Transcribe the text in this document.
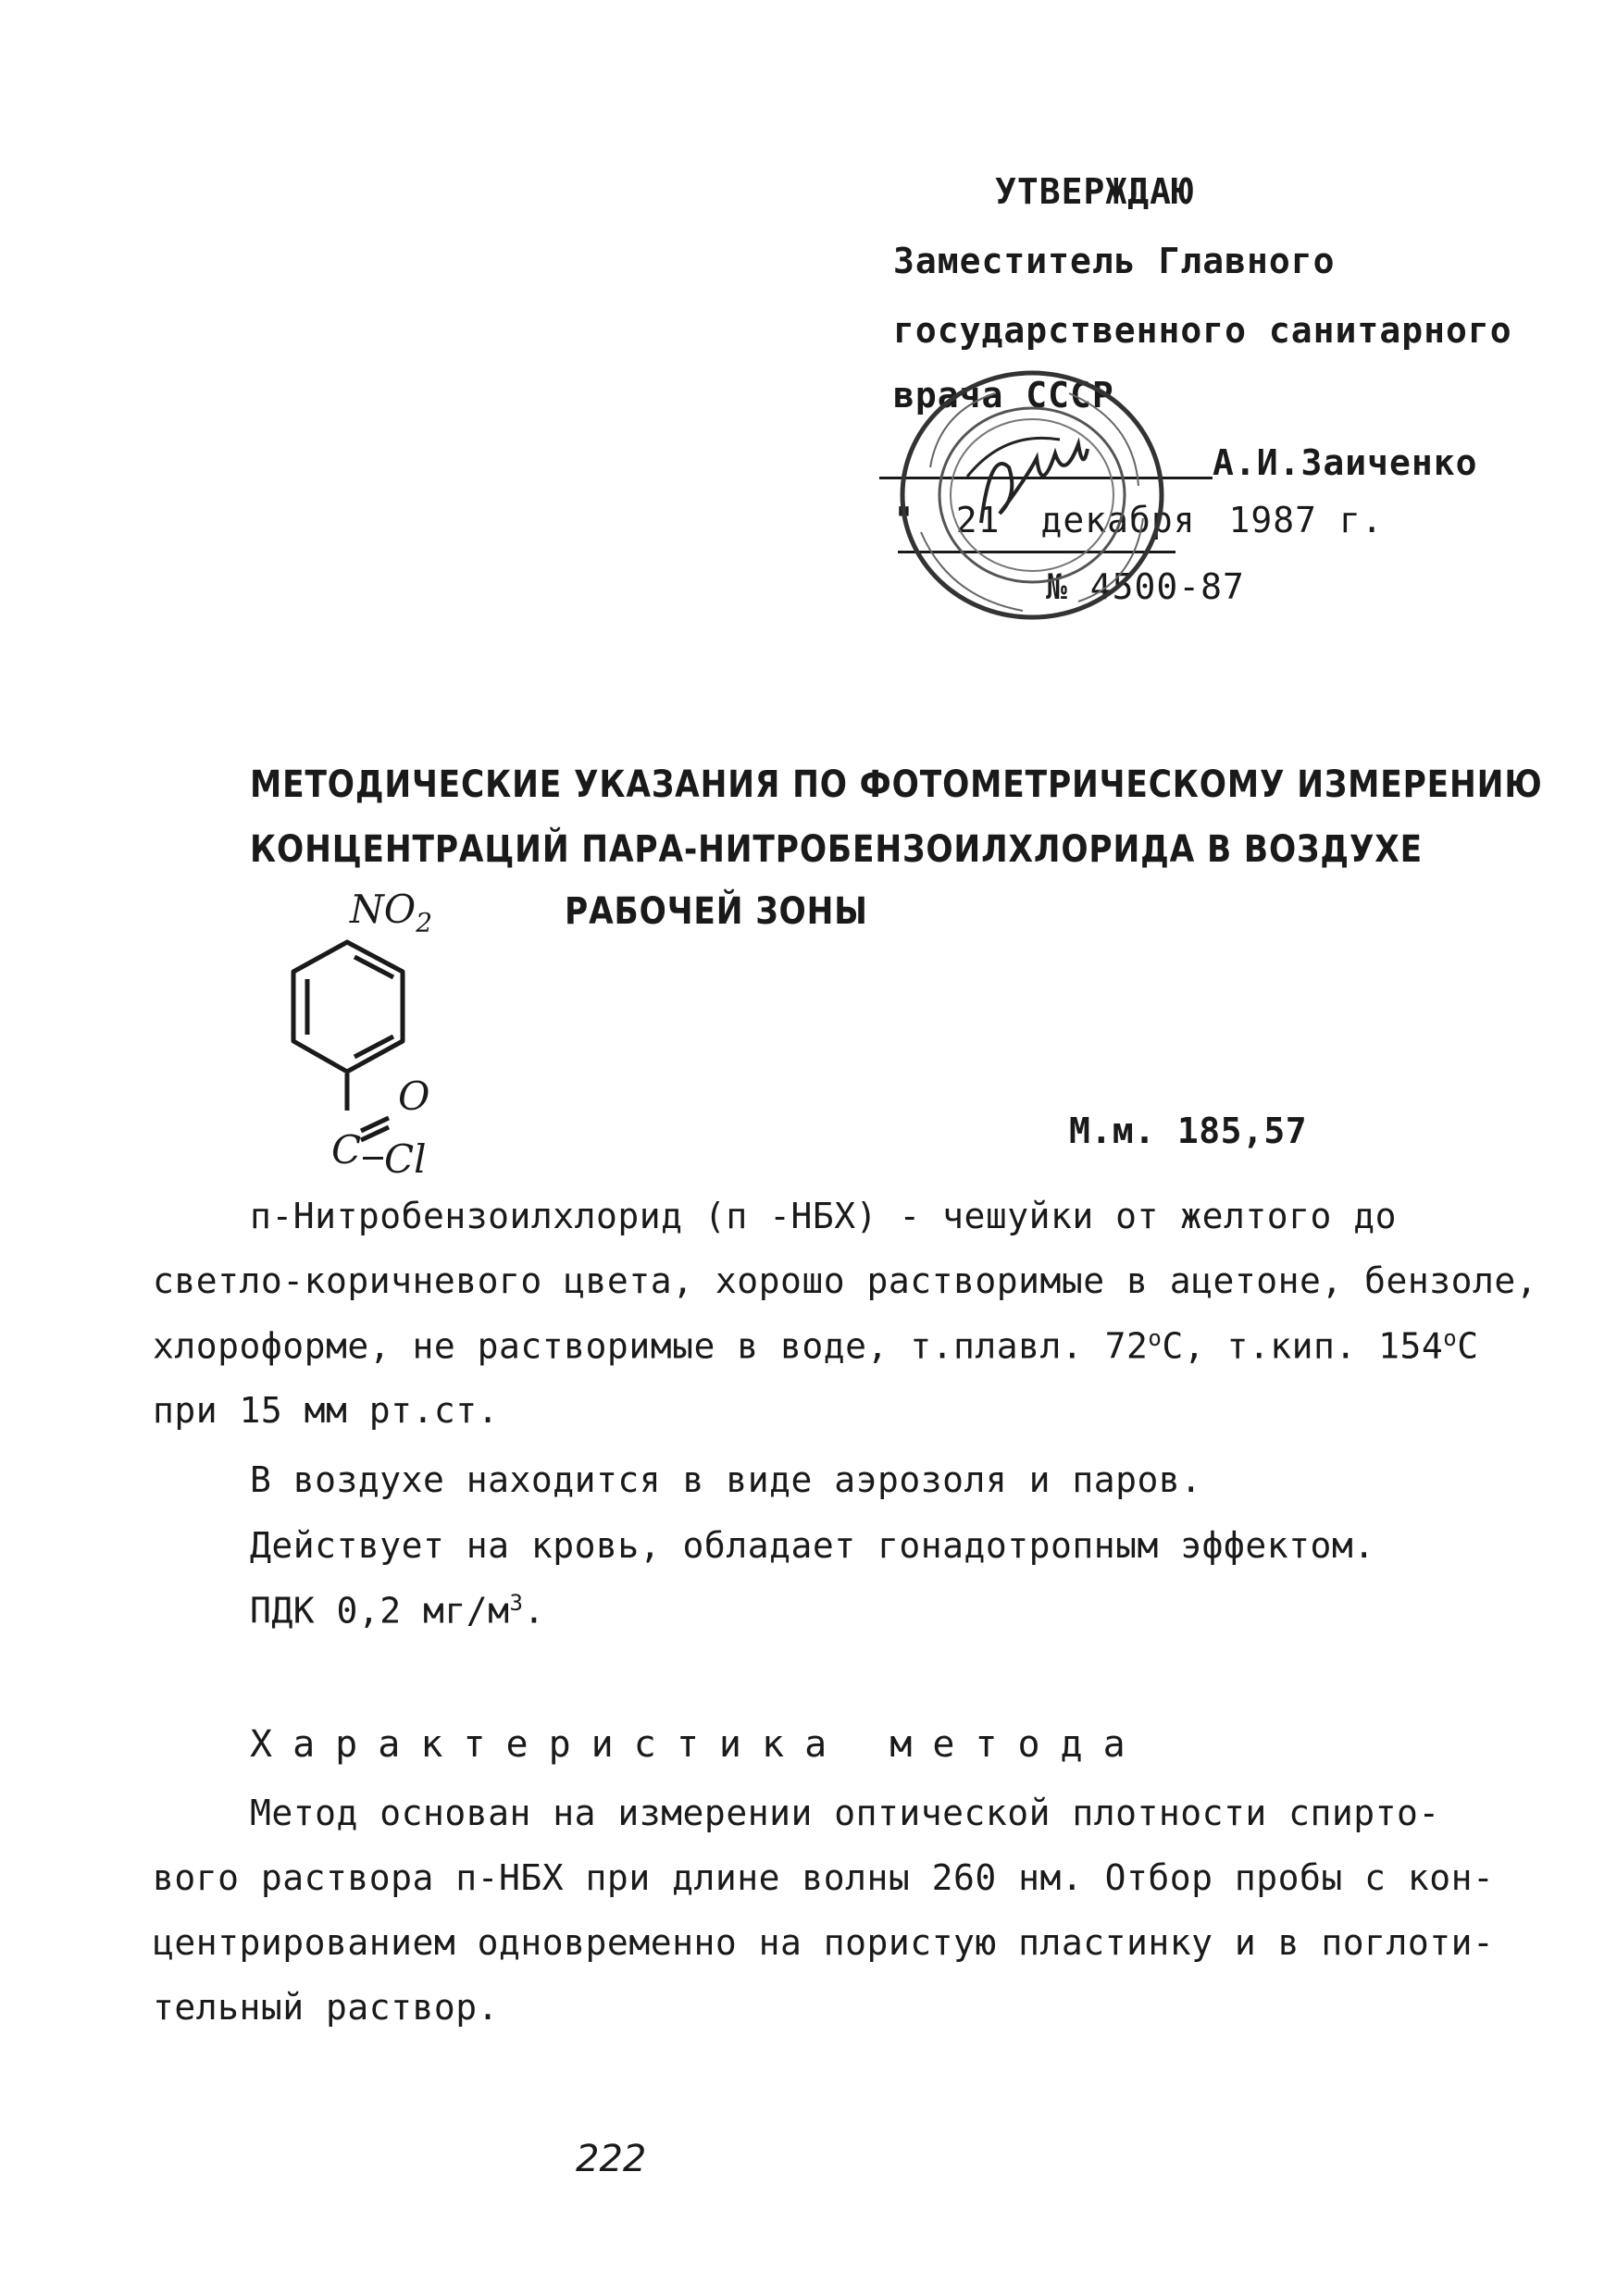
УТВЕРЖДАЮ
Заместитель Главного
государственного санитарного
врача СССР
А.И.Заиченко
" 21 декабря 1987 г.
№ 4500-87
МЕТОДИЧЕСКИЕ УКАЗАНИЯ ПО ФОТОМЕТРИЧЕСКОМУ ИЗМЕРЕНИЮ
КОНЦЕНТРАЦИЙ ПАРА-НИТРОБЕНЗОИЛХЛОРИДА В ВОЗДУХЕ
РАБОЧЕЙ ЗОНЫ
$NO_2$
O
C Cl
М.м. 185,57
п-Нитробензоилхлорид (п -НБХ) - чешуйки от желтого до
светло-коричневого цвета, хорошо растворимые в ацетоне, бензоле,
хлороформе, не растворимые в воде, т.плавл. $72^оС$, т.кип. $154^оС$
при 15 мм рт.ст.
В воздухе находится в виде аэрозоля и паров.
Действует на кровь, обладает гонадотропным эффектом.
ПДК 0,2 $мг/м^3$.
Характеристика метода
Метод основан на измерении оптической плотности спирто-
вого раствора п-НБХ при длине волны 260 нм. Отбор пробы с кон-
центрированием одновременно на пористую пластинку и в поглоти-
тельный раствор.
222
